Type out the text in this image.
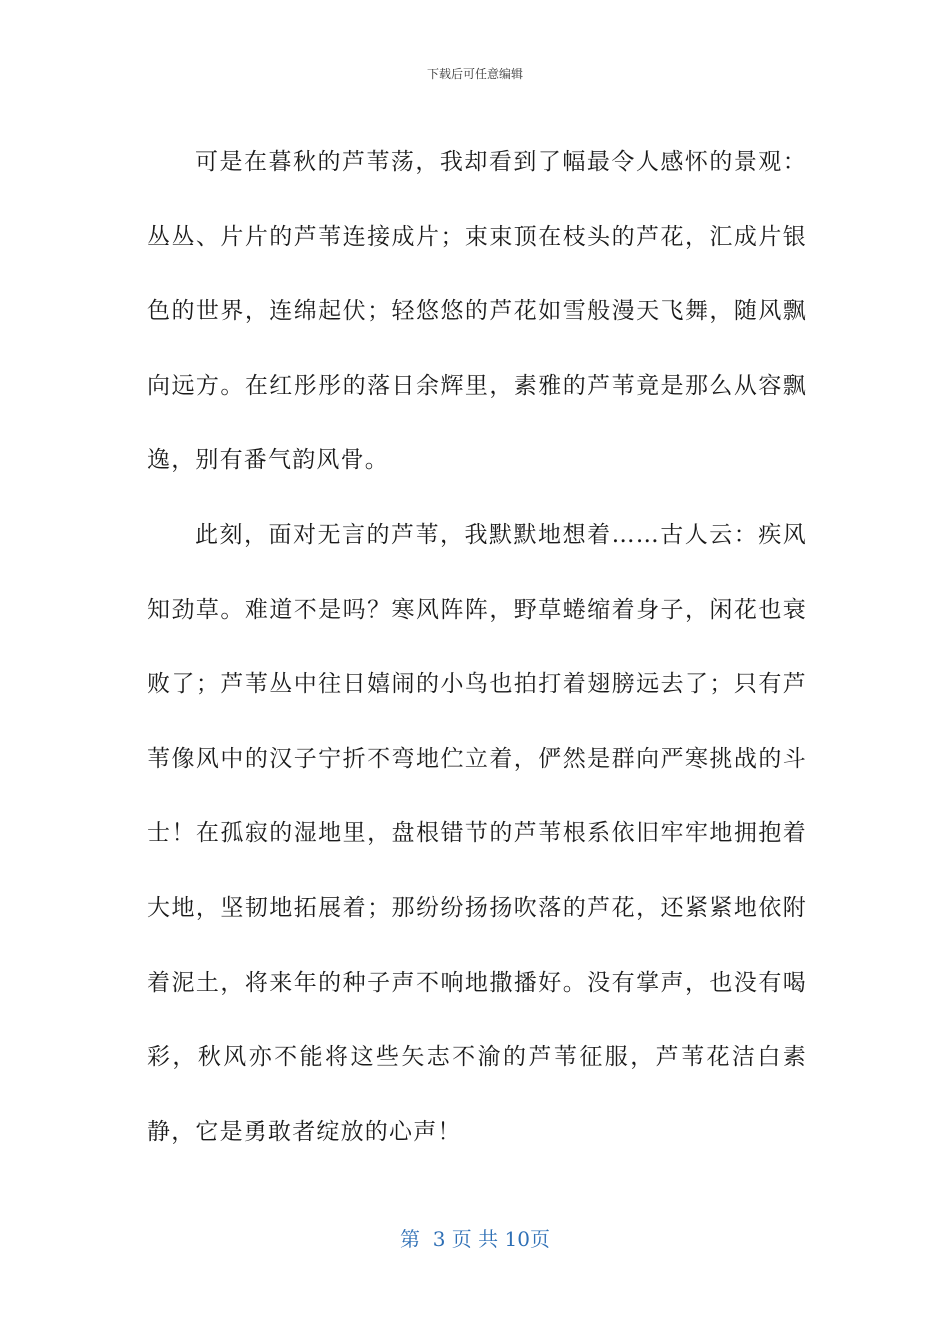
下载后可任意编辑

可是在暮秋的芦苇荡，我却看到了幅最令人感怀的景观：丛丛、片片的芦苇连接成片；束束顶在枝头的芦花，汇成片银色的世界，连绵起伏；轻悠悠的芦花如雪般漫天飞舞，随风飘向远方。在红彤彤的落日余辉里，素雅的芦苇竟是那么从容飘逸，别有番气韵风骨。

此刻，面对无言的芦苇，我默默地想着……古人云：疾风知劲草。难道不是吗？寒风阵阵，野草蜷缩着身子，闲花也衰败了；芦苇丛中往日嬉闹的小鸟也拍打着翅膀远去了；只有芦苇像风中的汉子宁折不弯地伫立着，俨然是群向严寒挑战的斗士！在孤寂的湿地里，盘根错节的芦苇根系依旧牢牢地拥抱着大地，坚韧地拓展着；那纷纷扬扬吹落的芦花，还紧紧地依附着泥土，将来年的种子声不响地撒播好。没有掌声，也没有喝彩，秋风亦不能将这些矢志不渝的芦苇征服，芦苇花洁白素静，它是勇敢者绽放的心声！

第  3 页 共 10页
